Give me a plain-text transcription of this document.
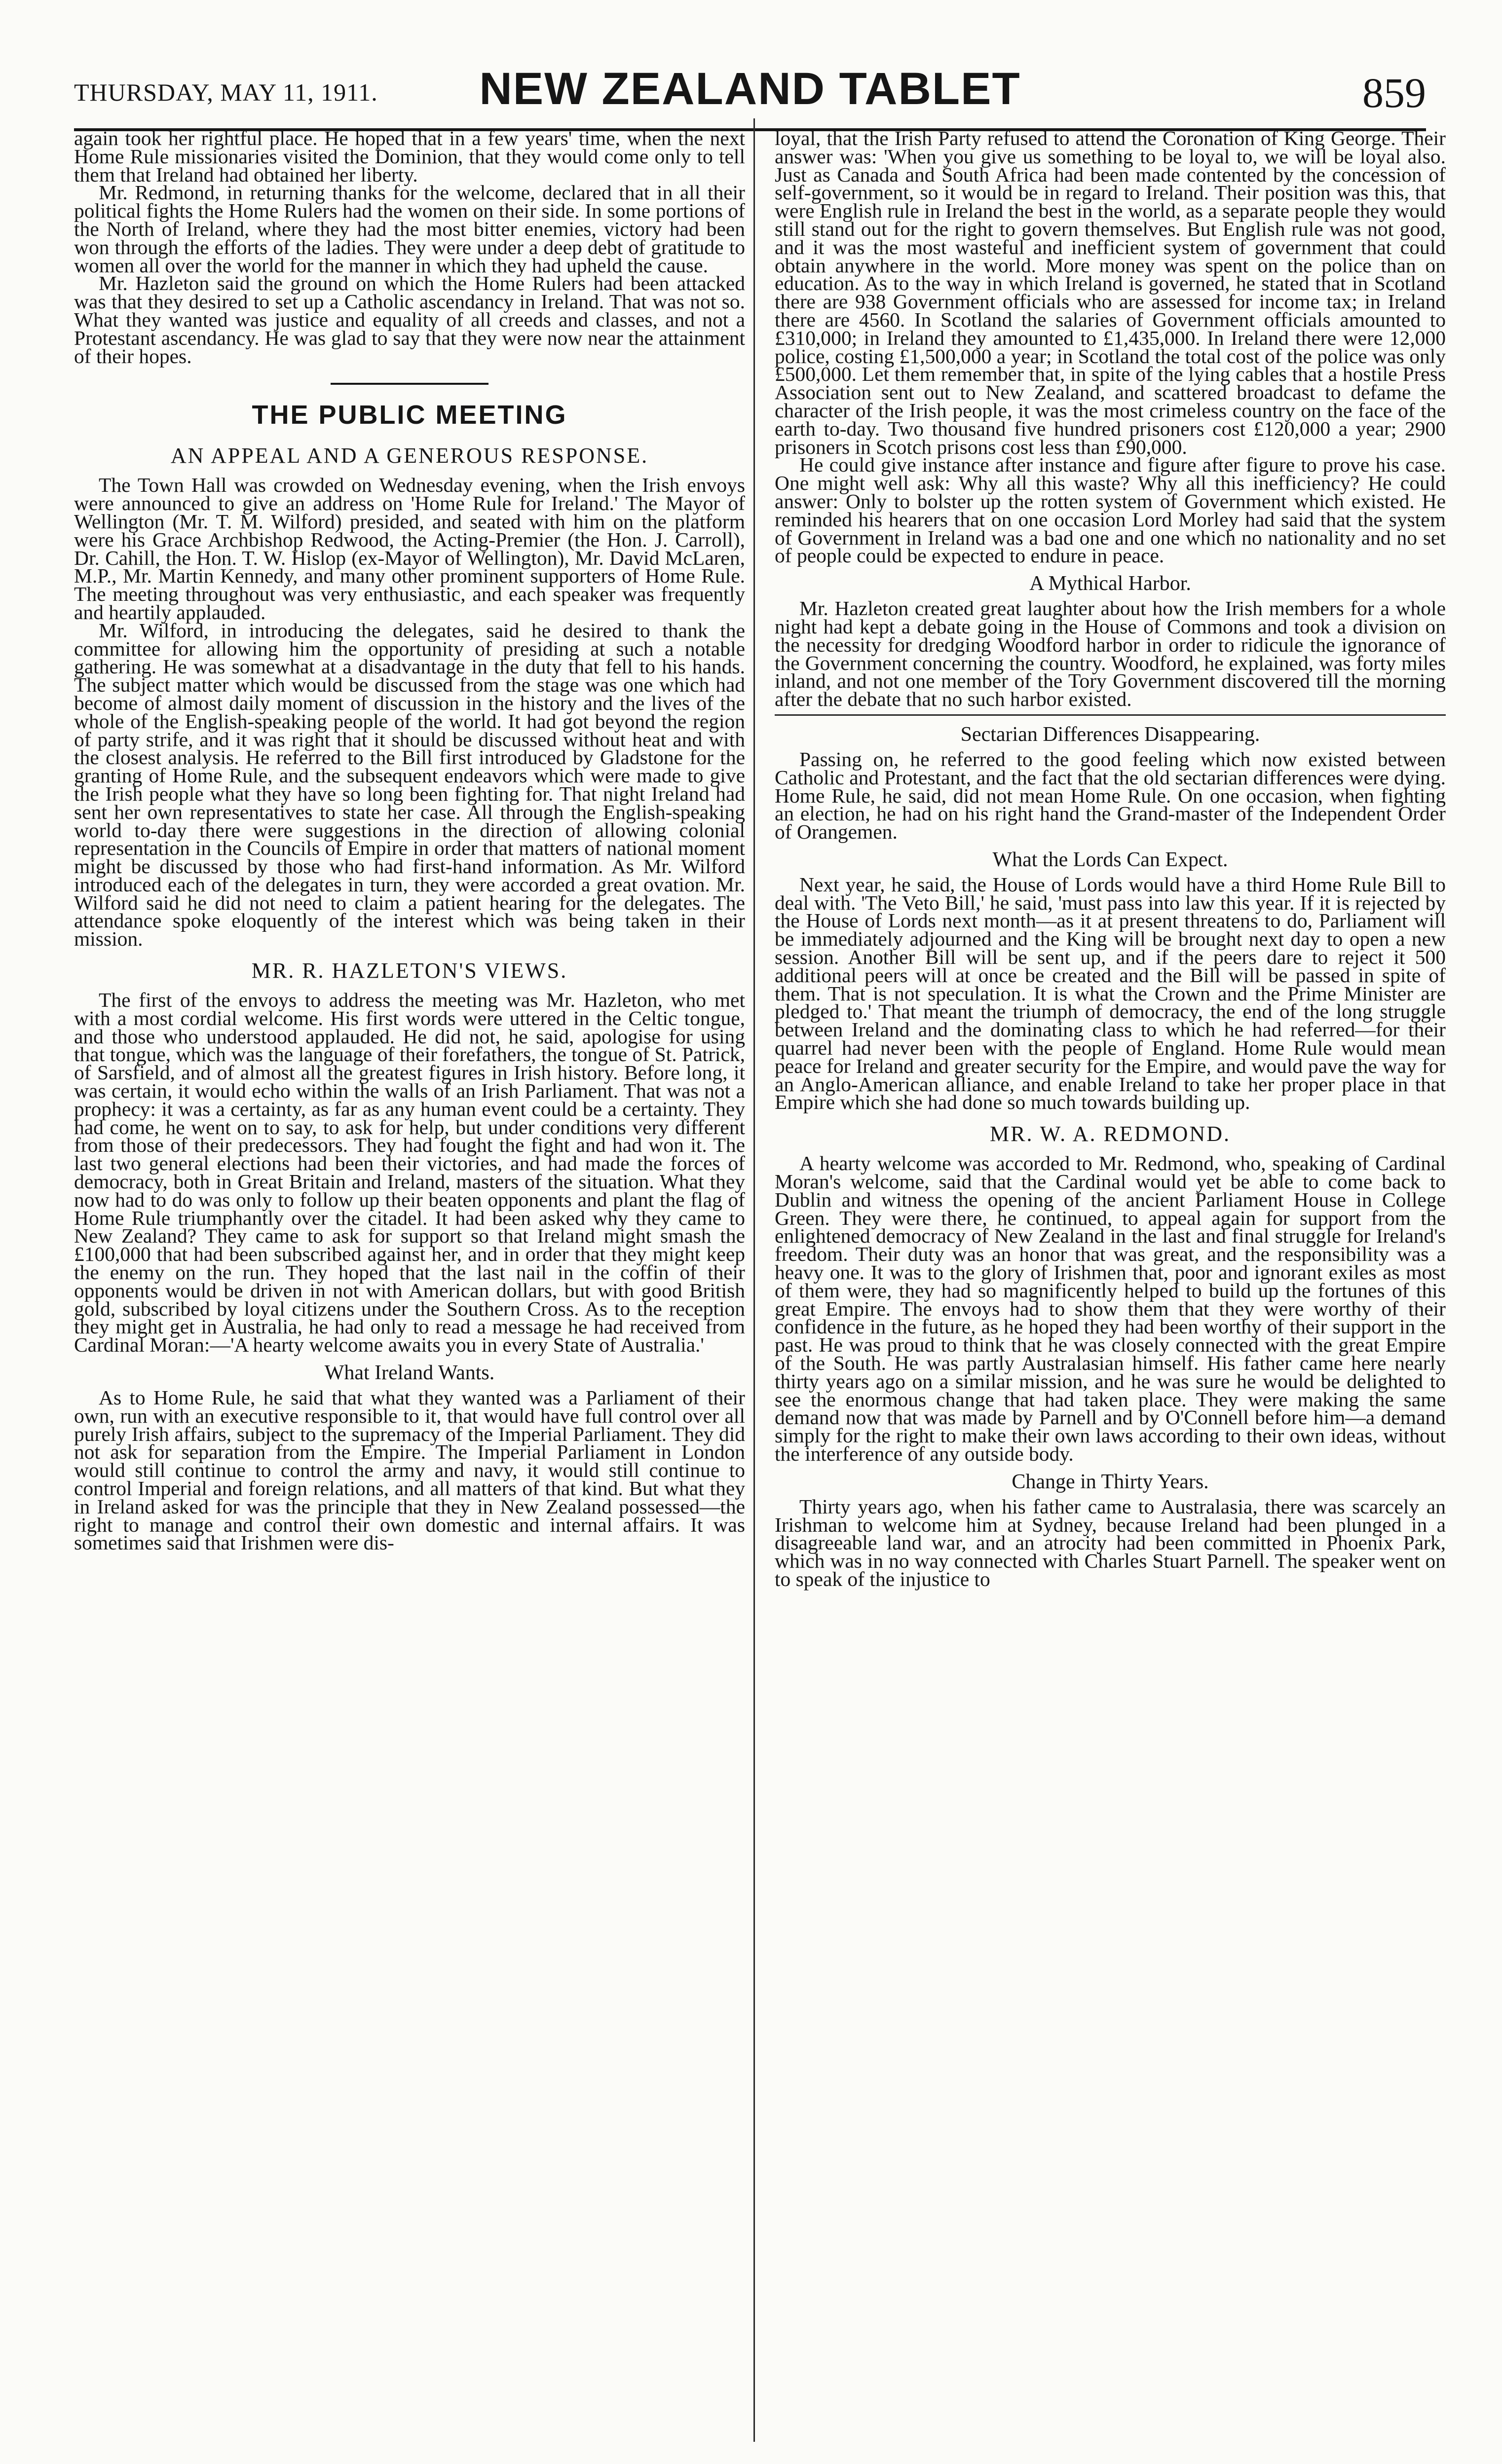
THURSDAY, MAY 11, 1911.	NEW ZEALAND TABLET	859

again took her rightful place. He hoped that in a few years' time, when the next Home Rule missionaries visited the Dominion, that they would come only to tell them that Ireland had obtained her liberty.

Mr. Redmond, in returning thanks for the welcome, declared that in all their political fights the Home Rulers had the women on their side. In some portions of the North of Ireland, where they had the most bitter enemies, victory had been won through the efforts of the ladies. They were under a deep debt of gratitude to women all over the world for the manner in which they had upheld the cause.

Mr. Hazleton said the ground on which the Home Rulers had been attacked was that they desired to set up a Catholic ascendancy in Ireland. That was not so. What they wanted was justice and equality of all creeds and classes, and not a Protestant ascendancy. He was glad to say that they were now near the attainment of their hopes.

THE PUBLIC MEETING
AN APPEAL AND A GENEROUS RESPONSE.

The Town Hall was crowded on Wednesday evening, when the Irish envoys were announced to give an address on 'Home Rule for Ireland.' The Mayor of Wellington (Mr. T. M. Wilford) presided, and seated with him on the platform were his Grace Archbishop Redwood, the Acting-Premier (the Hon. J. Carroll), Dr. Cahill, the Hon. T. W. Hislop (ex-Mayor of Wellington), Mr. David McLaren, M.P., Mr. Martin Kennedy, and many other prominent supporters of Home Rule. The meeting throughout was very enthusiastic, and each speaker was frequently and heartily applauded.

Mr. Wilford, in introducing the delegates, said he desired to thank the committee for allowing him the opportunity of presiding at such a notable gathering. He was somewhat at a disadvantage in the duty that fell to his hands. The subject matter which would be discussed from the stage was one which had become of almost daily moment of discussion in the history and the lives of the whole of the English-speaking people of the world. It had got beyond the region of party strife, and it was right that it should be discussed without heat and with the closest analysis. He referred to the Bill first introduced by Gladstone for the granting of Home Rule, and the subsequent endeavors which were made to give the Irish people what they have so long been fighting for. That night Ireland had sent her own representatives to state her case. All through the English-speaking world to-day there were suggestions in the direction of allowing colonial representation in the Councils of Empire in order that matters of national moment might be discussed by those who had first-hand information. As Mr. Wilford introduced each of the delegates in turn, they were accorded a great ovation. Mr. Wilford said he did not need to claim a patient hearing for the delegates. The attendance spoke eloquently of the interest which was being taken in their mission.

MR. R. HAZLETON'S VIEWS.

The first of the envoys to address the meeting was Mr. Hazleton, who met with a most cordial welcome. His first words were uttered in the Celtic tongue, and those who understood applauded. He did not, he said, apologise for using that tongue, which was the language of their forefathers, the tongue of St. Patrick, of Sarsfield, and of almost all the greatest figures in Irish history. Before long, it was certain, it would echo within the walls of an Irish Parliament. That was not a prophecy: it was a certainty, as far as any human event could be a certainty. They had come, he went on to say, to ask for help, but under conditions very different from those of their predecessors. They had fought the fight and had won it. The last two general elections had been their victories, and had made the forces of democracy, both in Great Britain and Ireland, masters of the situation. What they now had to do was only to follow up their beaten opponents and plant the flag of Home Rule triumphantly over the citadel. It had been asked why they came to New Zealand? They came to ask for support so that Ireland might smash the £100,000 that had been subscribed against her, and in order that they might keep the enemy on the run. They hoped that the last nail in the coffin of their opponents would be driven in not with American dollars, but with good British gold, subscribed by loyal citizens under the Southern Cross. As to the reception they might get in Australia, he had only to read a message he had received from Cardinal Moran:—'A hearty welcome awaits you in every State of Australia.'

What Ireland Wants.

As to Home Rule, he said that what they wanted was a Parliament of their own, run with an executive responsible to it, that would have full control over all purely Irish affairs, subject to the supremacy of the Imperial Parliament. They did not ask for separation from the Empire. The Imperial Parliament in London would still continue to control the army and navy, it would still continue to control Imperial and foreign relations, and all matters of that kind. But what they in Ireland asked for was the principle that they in New Zealand possessed—the right to manage and control their own domestic and internal affairs. It was sometimes said that Irishmen were dis-

loyal, that the Irish Party refused to attend the Coronation of King George. Their answer was: 'When you give us something to be loyal to, we will be loyal also. Just as Canada and South Africa had been made contented by the concession of self-government, so it would be in regard to Ireland. Their position was this, that were English rule in Ireland the best in the world, as a separate people they would still stand out for the right to govern themselves. But English rule was not good, and it was the most wasteful and inefficient system of government that could obtain anywhere in the world. More money was spent on the police than on education. As to the way in which Ireland is governed, he stated that in Scotland there are 938 Government officials who are assessed for income tax; in Ireland there are 4560. In Scotland the salaries of Government officials amounted to £310,000; in Ireland they amounted to £1,435,000. In Ireland there were 12,000 police, costing £1,500,000 a year; in Scotland the total cost of the police was only £500,000. Let them remember that, in spite of the lying cables that a hostile Press Association sent out to New Zealand, and scattered broadcast to defame the character of the Irish people, it was the most crimeless country on the face of the earth to-day. Two thousand five hundred prisoners cost £120,000 a year; 2900 prisoners in Scotch prisons cost less than £90,000.

He could give instance after instance and figure after figure to prove his case. One might well ask: Why all this waste? Why all this inefficiency? He could answer: Only to bolster up the rotten system of Government which existed. He reminded his hearers that on one occasion Lord Morley had said that the system of Government in Ireland was a bad one and one which no nationality and no set of people could be expected to endure in peace.

A Mythical Harbor.

Mr. Hazleton created great laughter about how the Irish members for a whole night had kept a debate going in the House of Commons and took a division on the necessity for dredging Woodford harbor in order to ridicule the ignorance of the Government concerning the country. Woodford, he explained, was forty miles inland, and not one member of the Tory Government discovered till the morning after the debate that no such harbor existed.

Sectarian Differences Disappearing.

Passing on, he referred to the good feeling which now existed between Catholic and Protestant, and the fact that the old sectarian differences were dying. Home Rule, he said, did not mean Home Rule. On one occasion, when fighting an election, he had on his right hand the Grand-master of the Independent Order of Orangemen.

What the Lords Can Expect.

Next year, he said, the House of Lords would have a third Home Rule Bill to deal with. 'The Veto Bill,' he said, 'must pass into law this year. If it is rejected by the House of Lords next month—as it at present threatens to do, Parliament will be immediately adjourned and the King will be brought next day to open a new session. Another Bill will be sent up, and if the peers dare to reject it 500 additional peers will at once be created and the Bill will be passed in spite of them. That is not speculation. It is what the Crown and the Prime Minister are pledged to.' That meant the triumph of democracy, the end of the long struggle between Ireland and the dominating class to which he had referred—for their quarrel had never been with the people of England. Home Rule would mean peace for Ireland and greater security for the Empire, and would pave the way for an Anglo-American alliance, and enable Ireland to take her proper place in that Empire which she had done so much towards building up.

MR. W. A. REDMOND.

A hearty welcome was accorded to Mr. Redmond, who, speaking of Cardinal Moran's welcome, said that the Cardinal would yet be able to come back to Dublin and witness the opening of the ancient Parliament House in College Green. They were there, he continued, to appeal again for support from the enlightened democracy of New Zealand in the last and final struggle for Ireland's freedom. Their duty was an honor that was great, and the responsibility was a heavy one. It was to the glory of Irishmen that, poor and ignorant exiles as most of them were, they had so magnificently helped to build up the fortunes of this great Empire. The envoys had to show them that they were worthy of their confidence in the future, as he hoped they had been worthy of their support in the past. He was proud to think that he was closely connected with the great Empire of the South. He was partly Australasian himself. His father came here nearly thirty years ago on a similar mission, and he was sure he would be delighted to see the enormous change that had taken place. They were making the same demand now that was made by Parnell and by O'Connell before him—a demand simply for the right to make their own laws according to their own ideas, without the interference of any outside body.

Change in Thirty Years.

Thirty years ago, when his father came to Australasia, there was scarcely an Irishman to welcome him at Sydney, because Ireland had been plunged in a disagreeable land war, and an atrocity had been committed in Phoenix Park, which was in no way connected with Charles Stuart Parnell. The speaker went on to speak of the injustice to
